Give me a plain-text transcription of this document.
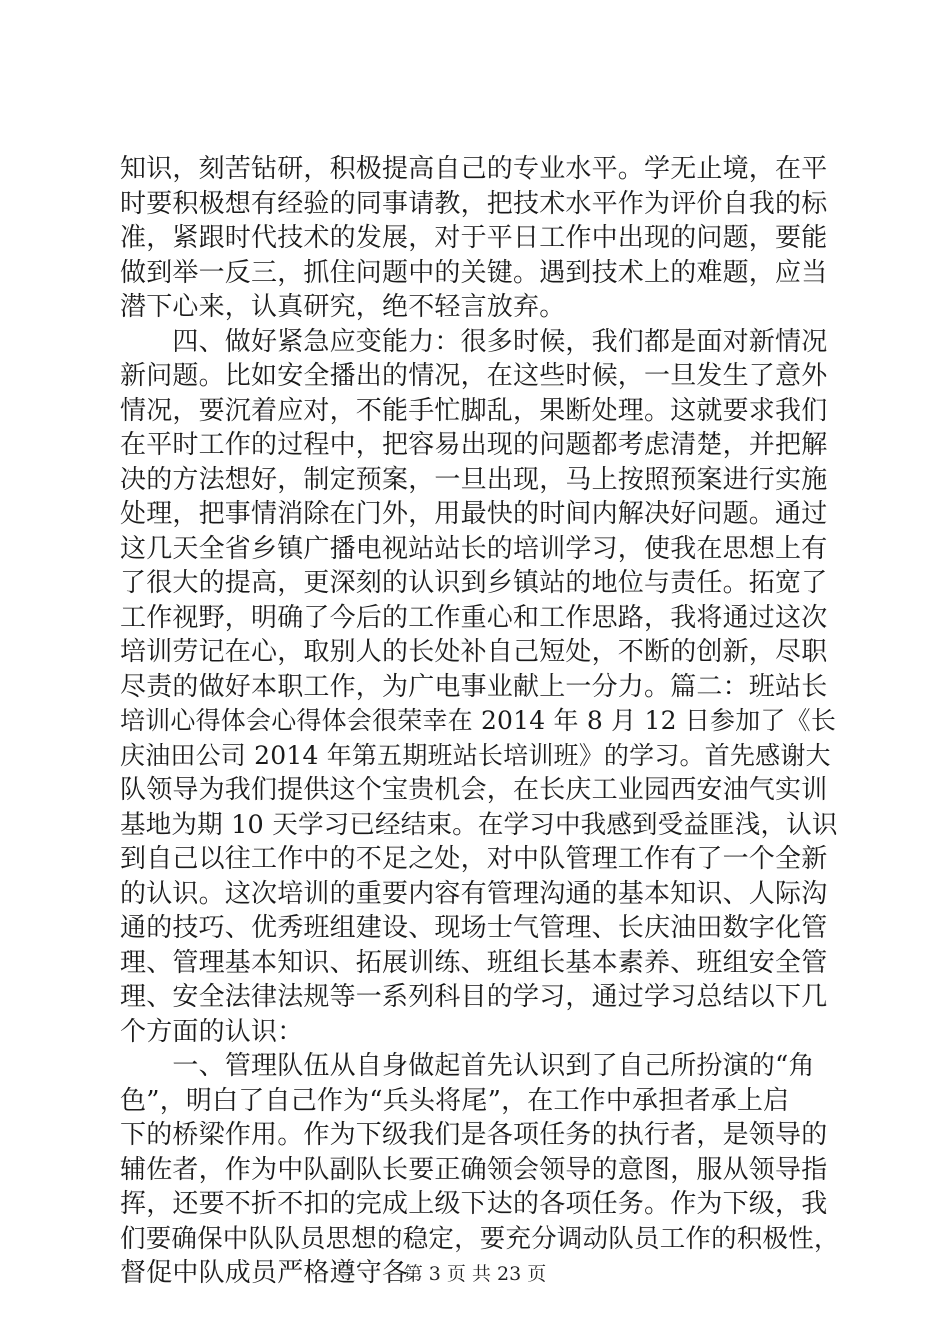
知识，刻苦钻研，积极提高自己的专业水平。学无止境，在平
时要积极想有经验的同事请教，把技术水平作为评价自我的标
准，紧跟时代技术的发展，对于平日工作中出现的问题，要能
做到举一反三，抓住问题中的关键。遇到技术上的难题，应当
潜下心来，认真研究，绝不轻言放弃。
　　四、做好紧急应变能力：很多时候，我们都是面对新情况
新问题。比如安全播出的情况，在这些时候，一旦发生了意外
情况，要沉着应对，不能手忙脚乱，果断处理。这就要求我们
在平时工作的过程中，把容易出现的问题都考虑清楚，并把解
决的方法想好，制定预案，一旦出现，马上按照预案进行实施
处理，把事情消除在门外，用最快的时间内解决好问题。通过
这几天全省乡镇广播电视站站长的培训学习，使我在思想上有
了很大的提高，更深刻的认识到乡镇站的地位与责任。拓宽了
工作视野，明确了今后的工作重心和工作思路，我将通过这次
培训劳记在心，取别人的长处补自己短处，不断的创新，尽职
尽责的做好本职工作，为广电事业献上一分力。篇二：班站长
培训心得体会心得体会很荣幸在 2014 年 8 月 12 日参加了《长
庆油田公司 2014 年第五期班站长培训班》的学习。首先感谢大
队领导为我们提供这个宝贵机会，在长庆工业园西安油气实训
基地为期 10 天学习已经结束。在学习中我感到受益匪浅，认识
到自己以往工作中的不足之处，对中队管理工作有了一个全新
的认识。这次培训的重要内容有管理沟通的基本知识、人际沟
通的技巧、优秀班组建设、现场士气管理、长庆油田数字化管
理、管理基本知识、拓展训练、班组长基本素养、班组安全管
理、安全法律法规等一系列科目的学习，通过学习总结以下几
个方面的认识：
　　一、管理队伍从自身做起首先认识到了自己所扮演的“角
色”，明白了自己作为“兵头将尾”，在工作中承担者承上启
下的桥梁作用。作为下级我们是各项任务的执行者，是领导的
辅佐者，作为中队副队长要正确领会领导的意图，服从领导指
挥，还要不折不扣的完成上级下达的各项任务。作为下级，我
们要确保中队队员思想的稳定，要充分调动队员工作的积极性，
督促中队成员严格遵守各
第 3 页 共 23 页
